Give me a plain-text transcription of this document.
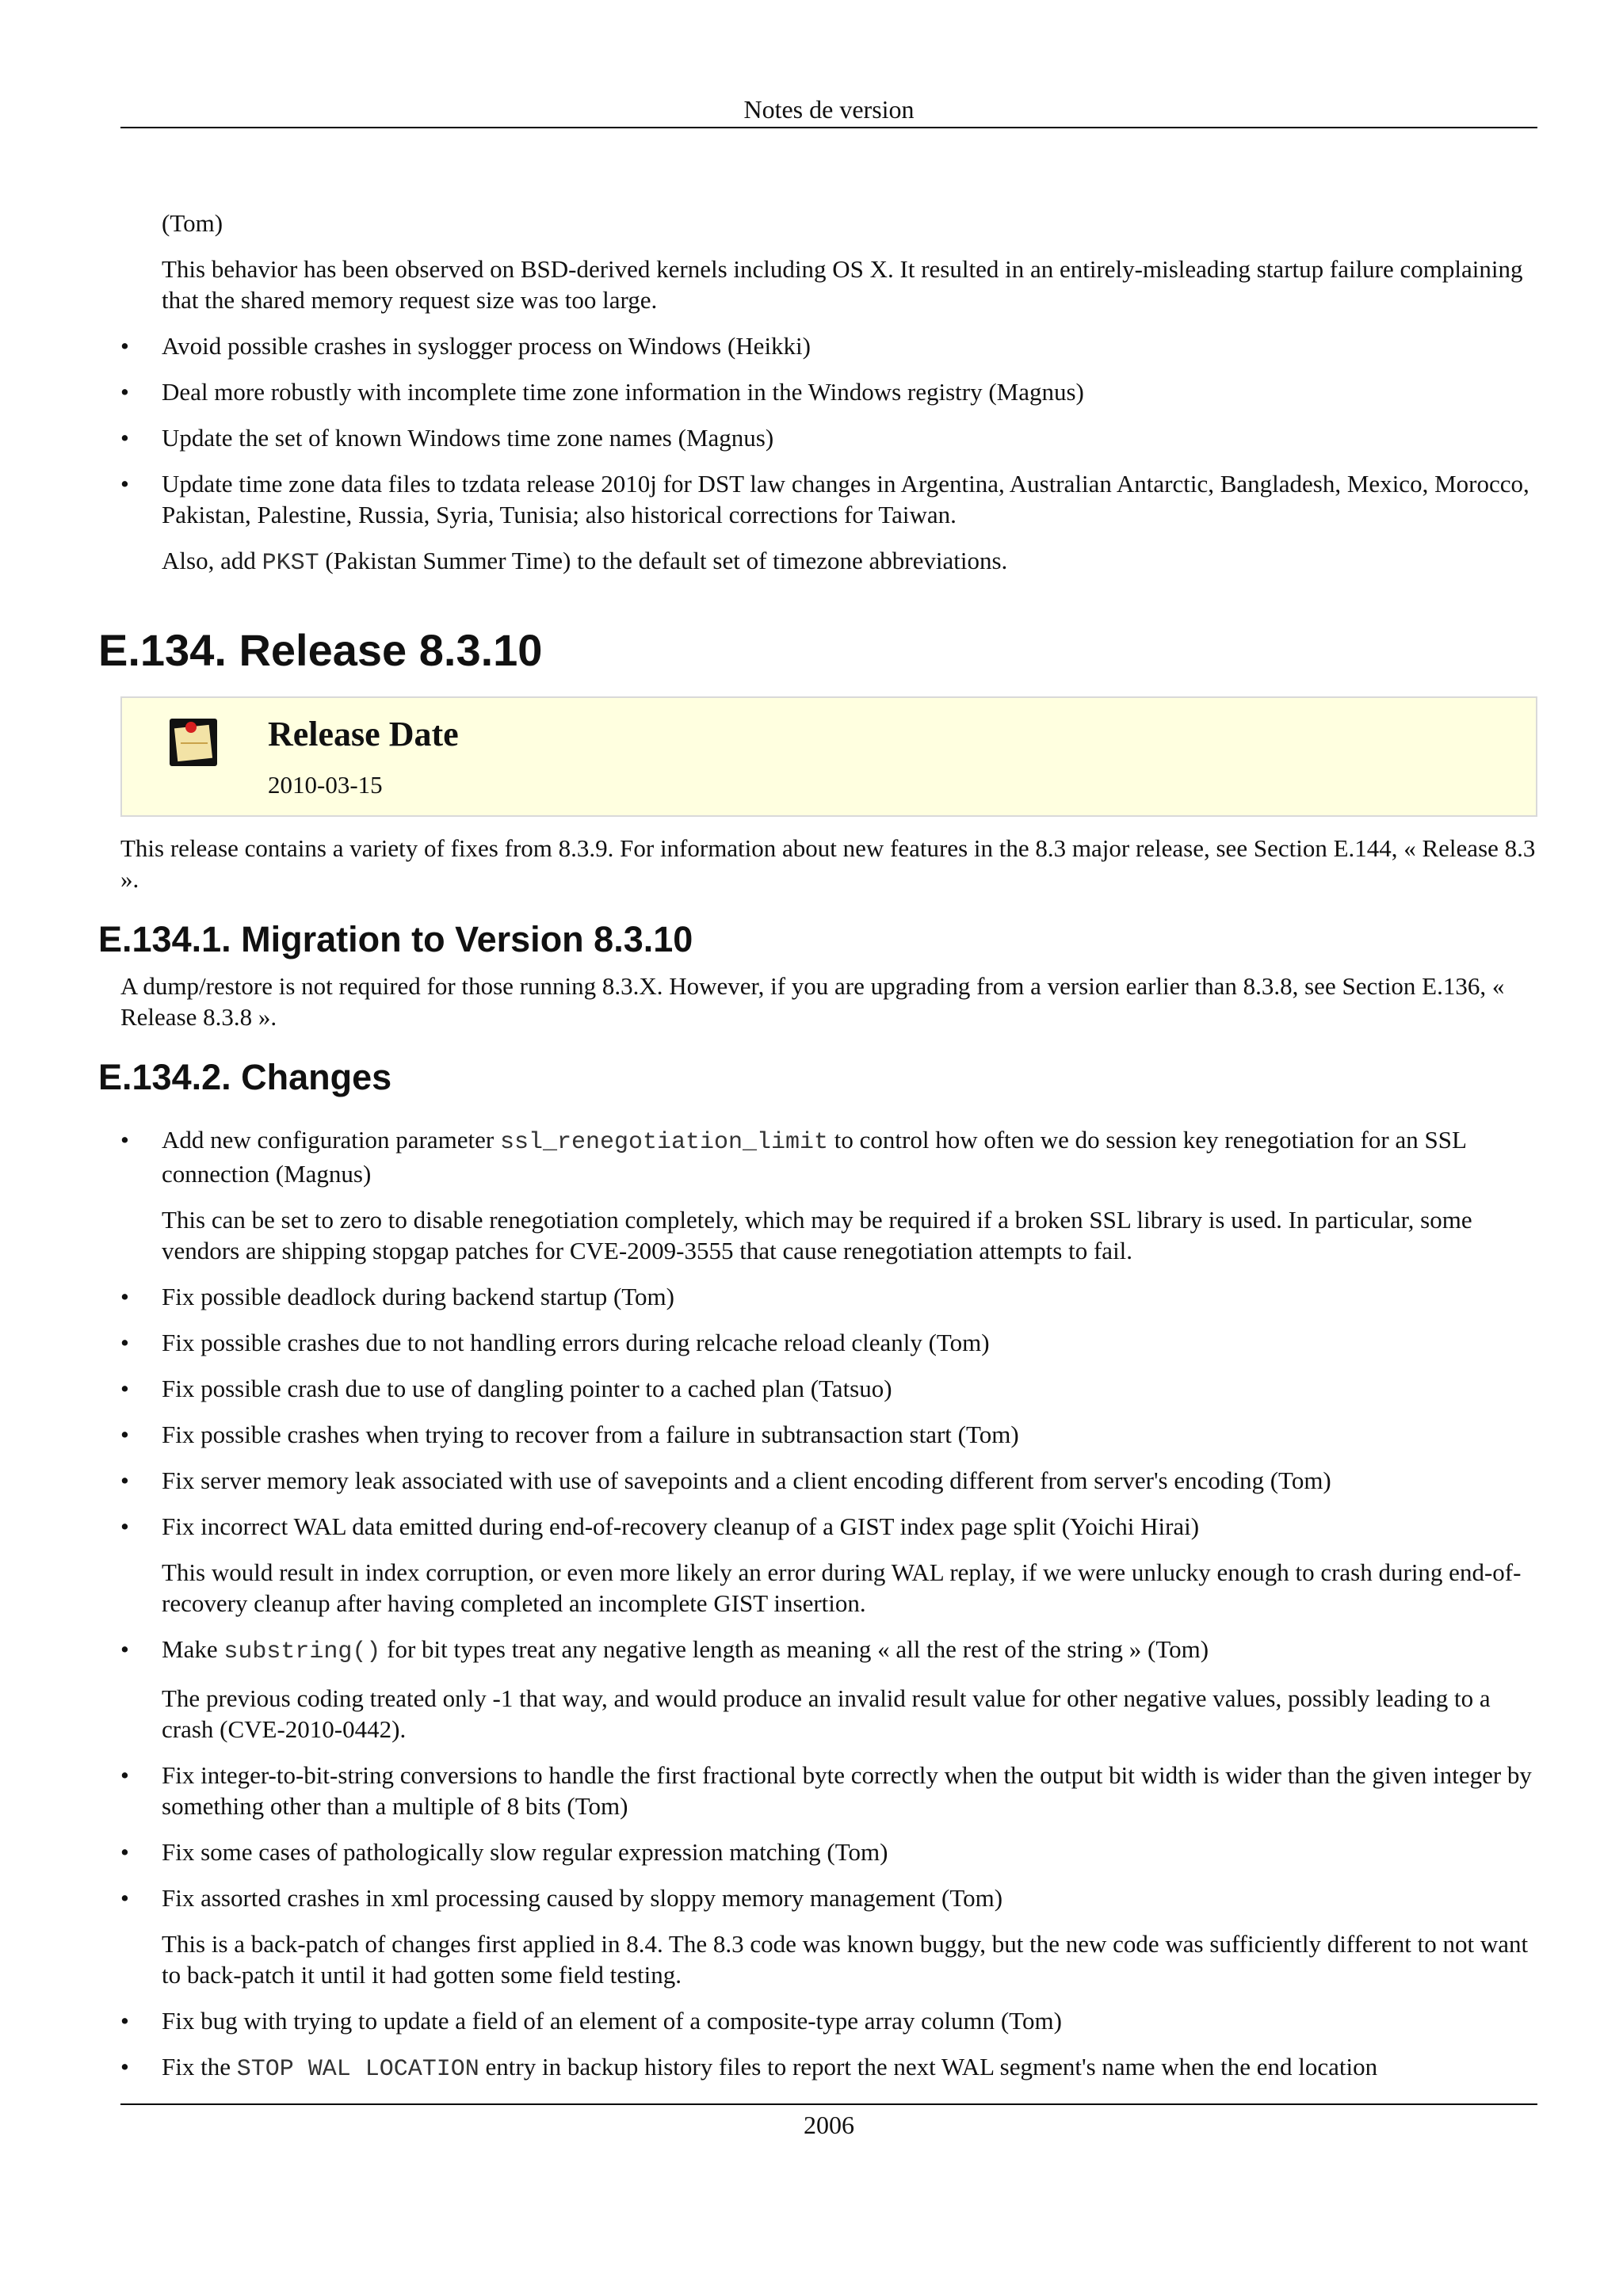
Notes de version

(Tom)

This behavior has been observed on BSD-derived kernels including OS X. It resulted in an entirely-misleading startup failure complaining that the shared memory request size was too large.

• Avoid possible crashes in syslogger process on Windows (Heikki)
• Deal more robustly with incomplete time zone information in the Windows registry (Magnus)
• Update the set of known Windows time zone names (Magnus)
• Update time zone data files to tzdata release 2010j for DST law changes in Argentina, Australian Antarctic, Bangladesh, Mexico, Morocco, Pakistan, Palestine, Russia, Syria, Tunisia; also historical corrections for Taiwan.

Also, add PKST (Pakistan Summer Time) to the default set of timezone abbreviations.

E.134. Release 8.3.10
Release Date
2010-03-15

This release contains a variety of fixes from 8.3.9. For information about new features in the 8.3 major release, see Section E.144, « Release 8.3 ».

E.134.1. Migration to Version 8.3.10

A dump/restore is not required for those running 8.3.X. However, if you are upgrading from a version earlier than 8.3.8, see Section E.136, « Release 8.3.8 ».

E.134.2. Changes
• Add new configuration parameter ssl_renegotiation_limit to control how often we do session key renegotiation for an SSL connection (Magnus)

This can be set to zero to disable renegotiation completely, which may be required if a broken SSL library is used. In particular, some vendors are shipping stopgap patches for CVE-2009-3555 that cause renegotiation attempts to fail.

• Fix possible deadlock during backend startup (Tom)
• Fix possible crashes due to not handling errors during relcache reload cleanly (Tom)
• Fix possible crash due to use of dangling pointer to a cached plan (Tatsuo)
• Fix possible crashes when trying to recover from a failure in subtransaction start (Tom)
• Fix server memory leak associated with use of savepoints and a client encoding different from server's encoding (Tom)
• Fix incorrect WAL data emitted during end-of-recovery cleanup of a GIST index page split (Yoichi Hirai)

This would result in index corruption, or even more likely an error during WAL replay, if we were unlucky enough to crash during end-of-recovery cleanup after having completed an incomplete GIST insertion.

• Make substring() for bit types treat any negative length as meaning « all the rest of the string » (Tom)

The previous coding treated only -1 that way, and would produce an invalid result value for other negative values, possibly leading to a crash (CVE-2010-0442).

• Fix integer-to-bit-string conversions to handle the first fractional byte correctly when the output bit width is wider than the given integer by something other than a multiple of 8 bits (Tom)
• Fix some cases of pathologically slow regular expression matching (Tom)
• Fix assorted crashes in xml processing caused by sloppy memory management (Tom)

This is a back-patch of changes first applied in 8.4. The 8.3 code was known buggy, but the new code was sufficiently different to not want to back-patch it until it had gotten some field testing.

• Fix bug with trying to update a field of an element of a composite-type array column (Tom)
• Fix the STOP WAL LOCATION entry in backup history files to report the next WAL segment's name when the end location
2006
